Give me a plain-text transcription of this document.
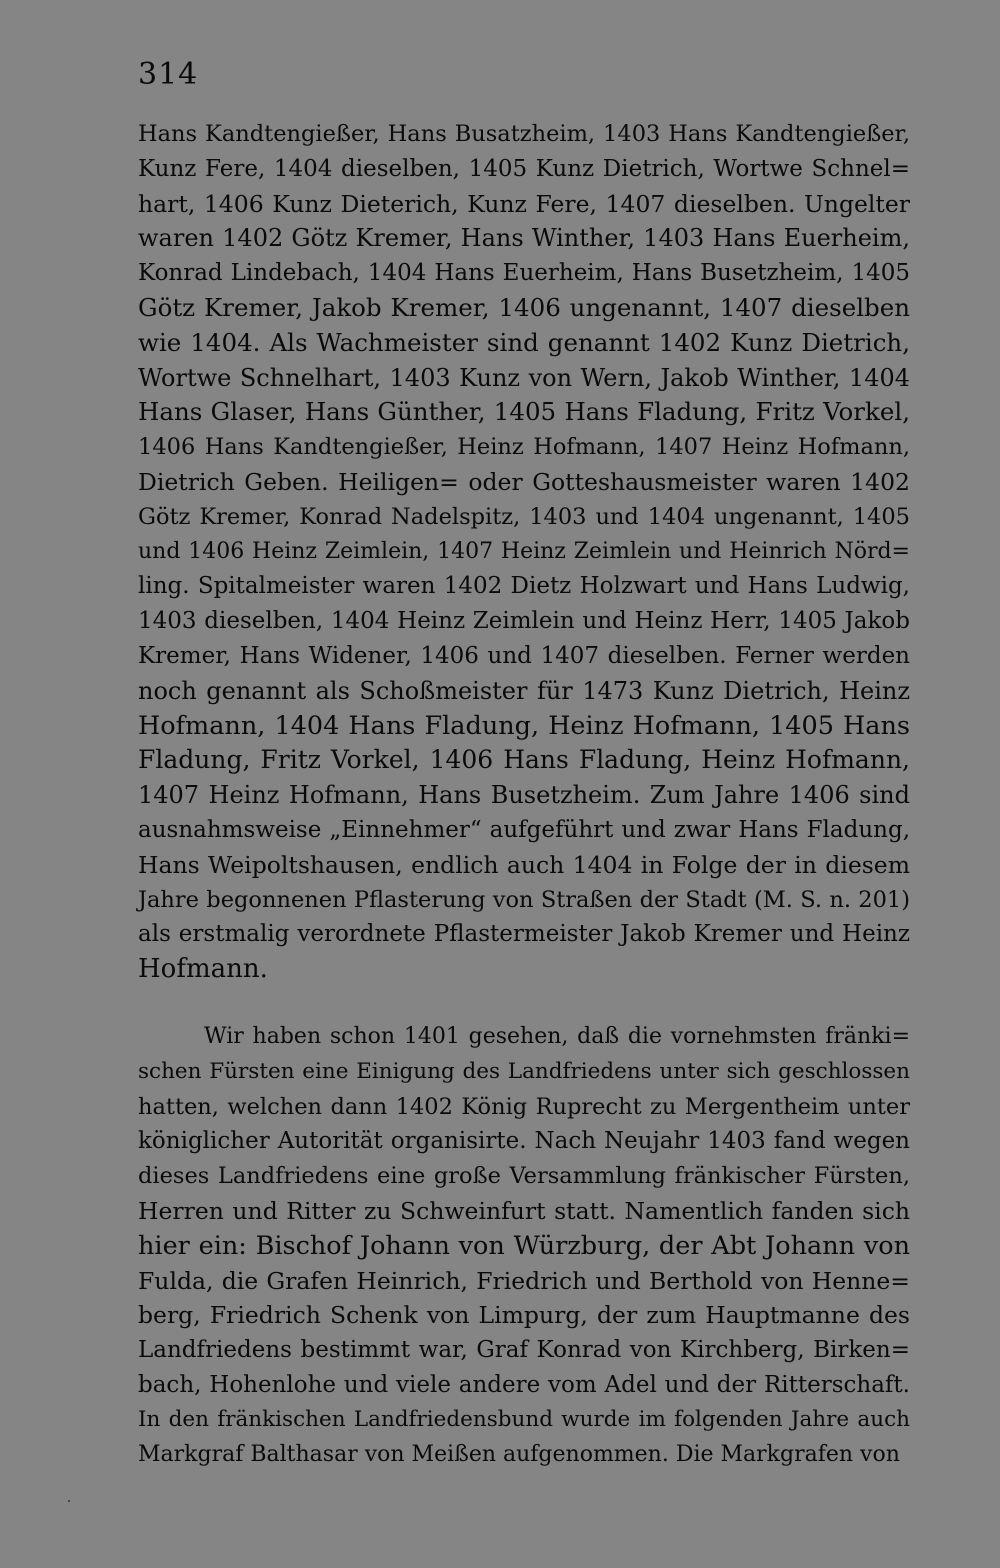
314
Hans Kandtengießer, Hans Busatzheim, 1403 Hans Kandtengießer,
Kunz Fere, 1404 dieselben, 1405 Kunz Dietrich, Wortwe Schnel=
hart, 1406 Kunz Dieterich, Kunz Fere, 1407 dieselben. Ungelter
waren 1402 Götz Kremer, Hans Winther, 1403 Hans Euerheim,
Konrad Lindebach, 1404 Hans Euerheim, Hans Busetzheim, 1405
Götz Kremer, Jakob Kremer, 1406 ungenannt, 1407 dieselben
wie 1404. Als Wachmeister sind genannt 1402 Kunz Dietrich,
Wortwe Schnelhart, 1403 Kunz von Wern, Jakob Winther, 1404
Hans Glaser, Hans Günther, 1405 Hans Fladung, Fritz Vorkel,
1406 Hans Kandtengießer, Heinz Hofmann, 1407 Heinz Hofmann,
Dietrich Geben. Heiligen= oder Gotteshausmeister waren 1402
Götz Kremer, Konrad Nadelspitz, 1403 und 1404 ungenannt, 1405
und 1406 Heinz Zeimlein, 1407 Heinz Zeimlein und Heinrich Nörd=
ling. Spitalmeister waren 1402 Dietz Holzwart und Hans Ludwig,
1403 dieselben, 1404 Heinz Zeimlein und Heinz Herr, 1405 Jakob
Kremer, Hans Widener, 1406 und 1407 dieselben. Ferner werden
noch genannt als Schoßmeister für 1473 Kunz Dietrich, Heinz
Hofmann, 1404 Hans Fladung, Heinz Hofmann, 1405 Hans
Fladung, Fritz Vorkel, 1406 Hans Fladung, Heinz Hofmann,
1407 Heinz Hofmann, Hans Busetzheim. Zum Jahre 1406 sind
ausnahmsweise „Einnehmer“ aufgeführt und zwar Hans Fladung,
Hans Weipoltshausen, endlich auch 1404 in Folge der in diesem
Jahre begonnenen Pflasterung von Straßen der Stadt (M. S. n. 201)
als erstmalig verordnete Pflastermeister Jakob Kremer und Heinz
Hofmann.
Wir haben schon 1401 gesehen, daß die vornehmsten fränki=
schen Fürsten eine Einigung des Landfriedens unter sich geschlossen
hatten, welchen dann 1402 König Ruprecht zu Mergentheim unter
königlicher Autorität organisirte. Nach Neujahr 1403 fand wegen
dieses Landfriedens eine große Versammlung fränkischer Fürsten,
Herren und Ritter zu Schweinfurt statt. Namentlich fanden sich
hier ein: Bischof Johann von Würzburg, der Abt Johann von
Fulda, die Grafen Heinrich, Friedrich und Berthold von Henne=
berg, Friedrich Schenk von Limpurg, der zum Hauptmanne des
Landfriedens bestimmt war, Graf Konrad von Kirchberg, Birken=
bach, Hohenlohe und viele andere vom Adel und der Ritterschaft.
In den fränkischen Landfriedensbund wurde im folgenden Jahre auch
Markgraf Balthasar von Meißen aufgenommen. Die Markgrafen von
